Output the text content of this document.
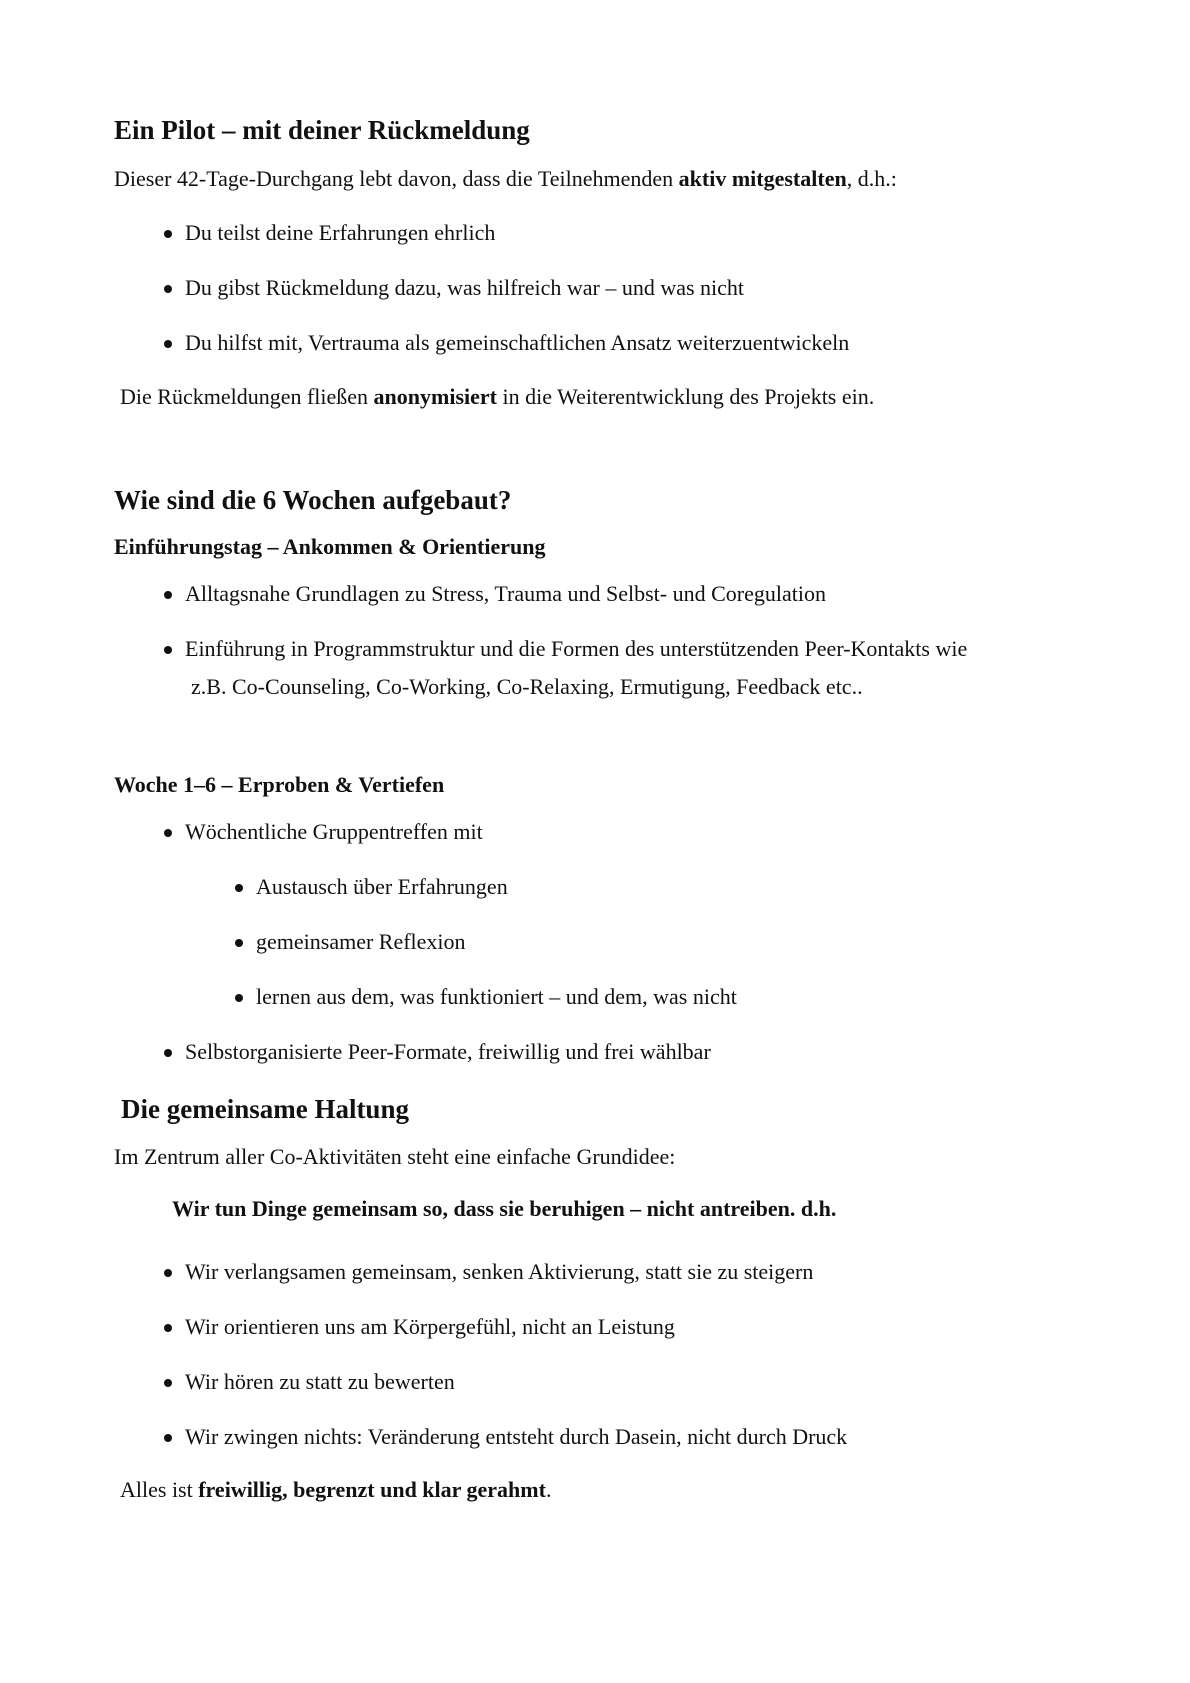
Ein Pilot – mit deiner Rückmeldung
Dieser 42-Tage-Durchgang lebt davon, dass die Teilnehmenden aktiv mitgestalten, d.h.:
Du teilst deine Erfahrungen ehrlich
Du gibst Rückmeldung dazu, was hilfreich war – und was nicht
Du hilfst mit, Vertrauma als gemeinschaftlichen Ansatz weiterzuentwickeln
Die Rückmeldungen fließen anonymisiert in die Weiterentwicklung des Projekts ein.
Wie sind die 6 Wochen aufgebaut?
Einführungstag – Ankommen & Orientierung
Alltagsnahe Grundlagen zu Stress, Trauma und Selbst- und Coregulation
Einführung in Programmstruktur und die Formen des unterstützenden Peer-Kontakts wie
z.B. Co-Counseling, Co-Working, Co-Relaxing, Ermutigung, Feedback etc..
Woche 1–6 – Erproben & Vertiefen
Wöchentliche Gruppentreffen mit
Austausch über Erfahrungen
gemeinsamer Reflexion
lernen aus dem, was funktioniert – und dem, was nicht
Selbstorganisierte Peer-Formate, freiwillig und frei wählbar
Die gemeinsame Haltung
Im Zentrum aller Co-Aktivitäten steht eine einfache Grundidee:
Wir tun Dinge gemeinsam so, dass sie beruhigen – nicht antreiben. d.h.
Wir verlangsamen gemeinsam, senken Aktivierung, statt sie zu steigern
Wir orientieren uns am Körpergefühl, nicht an Leistung
Wir hören zu statt zu bewerten
Wir zwingen nichts: Veränderung entsteht durch Dasein, nicht durch Druck
Alles ist freiwillig, begrenzt und klar gerahmt.
